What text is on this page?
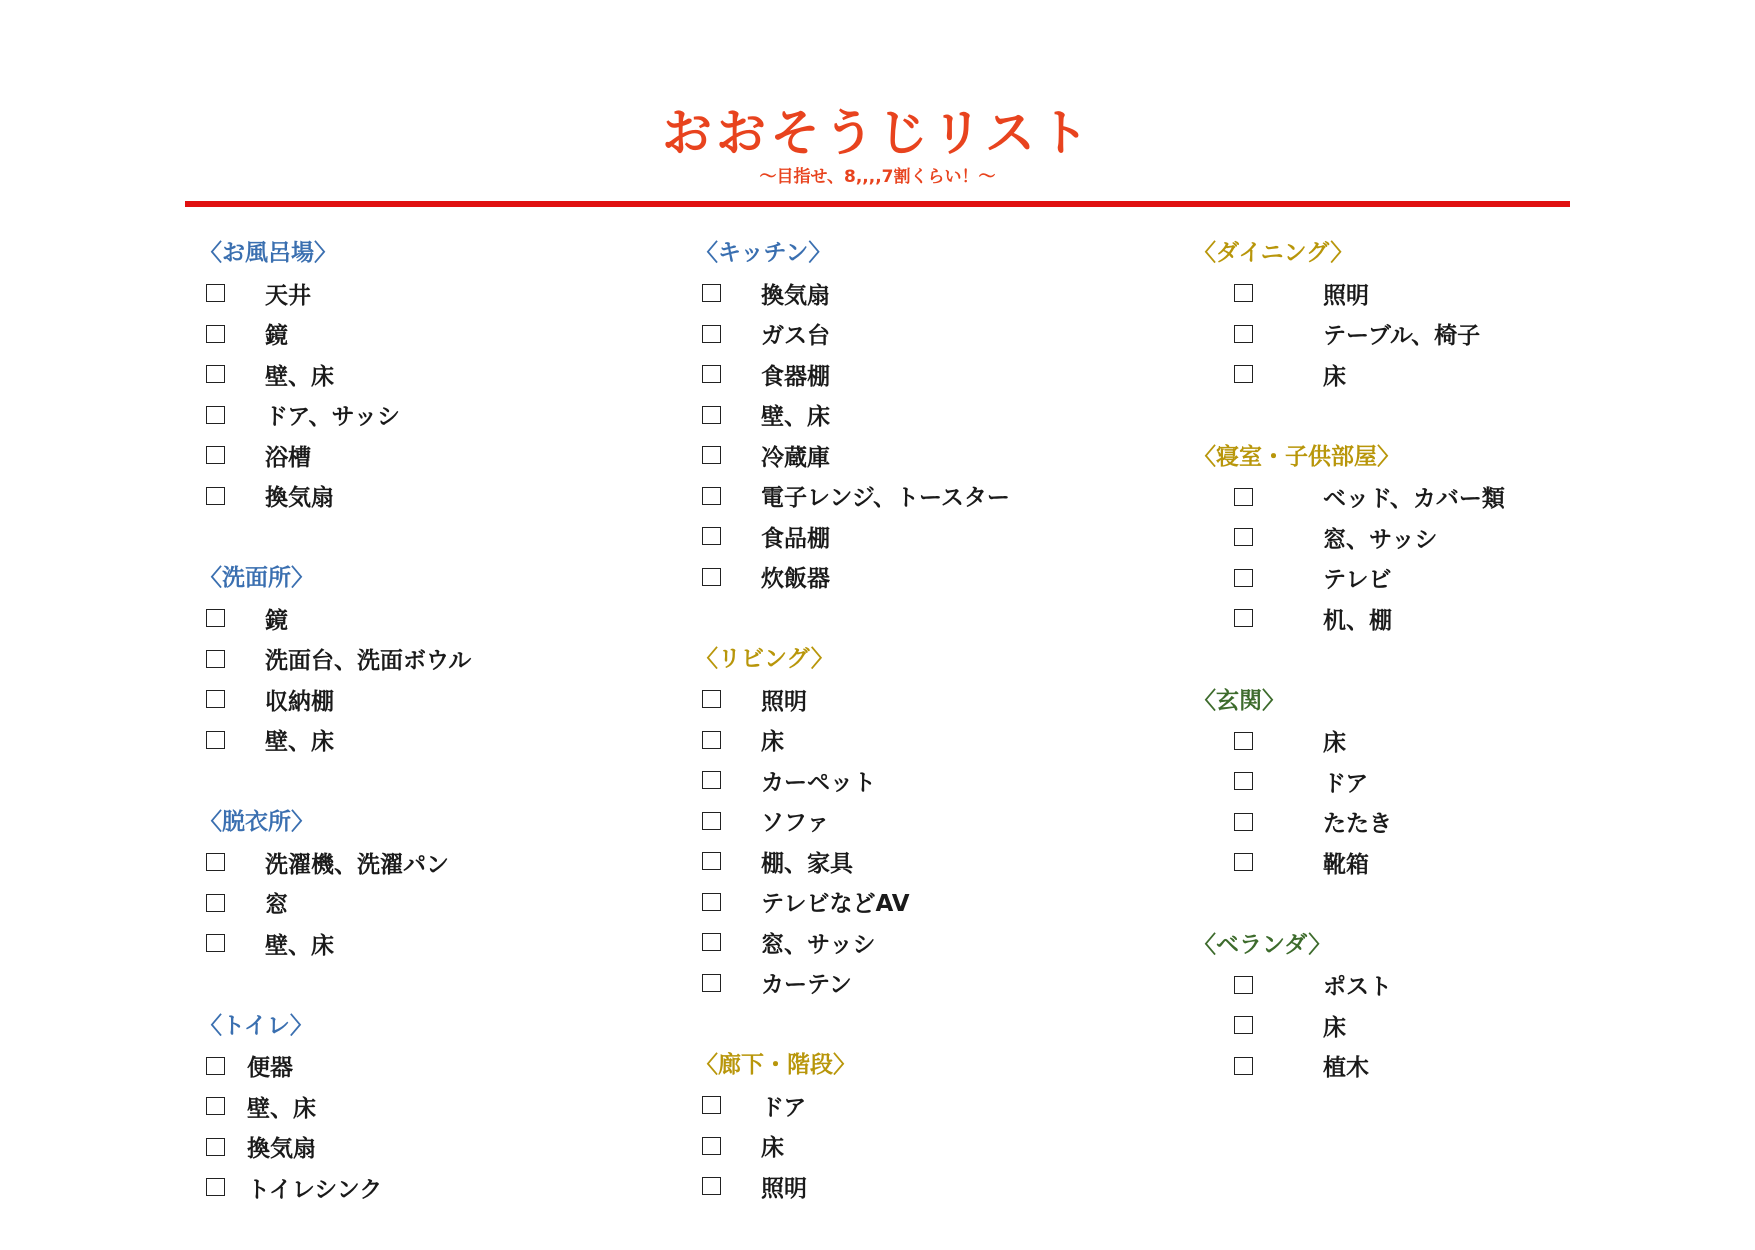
おおそうじリスト
～目指せ、8,,,,7割くらい！～
〈お風呂場〉
天井
鏡
壁、床
ドア、サッシ
浴槽
換気扇
〈洗面所〉
鏡
洗面台、洗面ボウル
収納棚
壁、床
〈脱衣所〉
洗濯機、洗濯パン
窓
壁、床
〈トイレ〉
便器
壁、床
換気扇
トイレシンク
〈キッチン〉
換気扇
ガス台
食器棚
壁、床
冷蔵庫
電子レンジ、トースター
食品棚
炊飯器
〈リビング〉
照明
床
カーペット
ソファ
棚、家具
テレビなどAV
窓、サッシ
カーテン
〈廊下・階段〉
ドア
床
照明
〈ダイニング〉
照明
テーブル、椅子
床
〈寝室・子供部屋〉
ベッド、カバー類
窓、サッシ
テレビ
机、棚
〈玄関〉
床
ドア
たたき
靴箱
〈ベランダ〉
ポスト
床
植木
